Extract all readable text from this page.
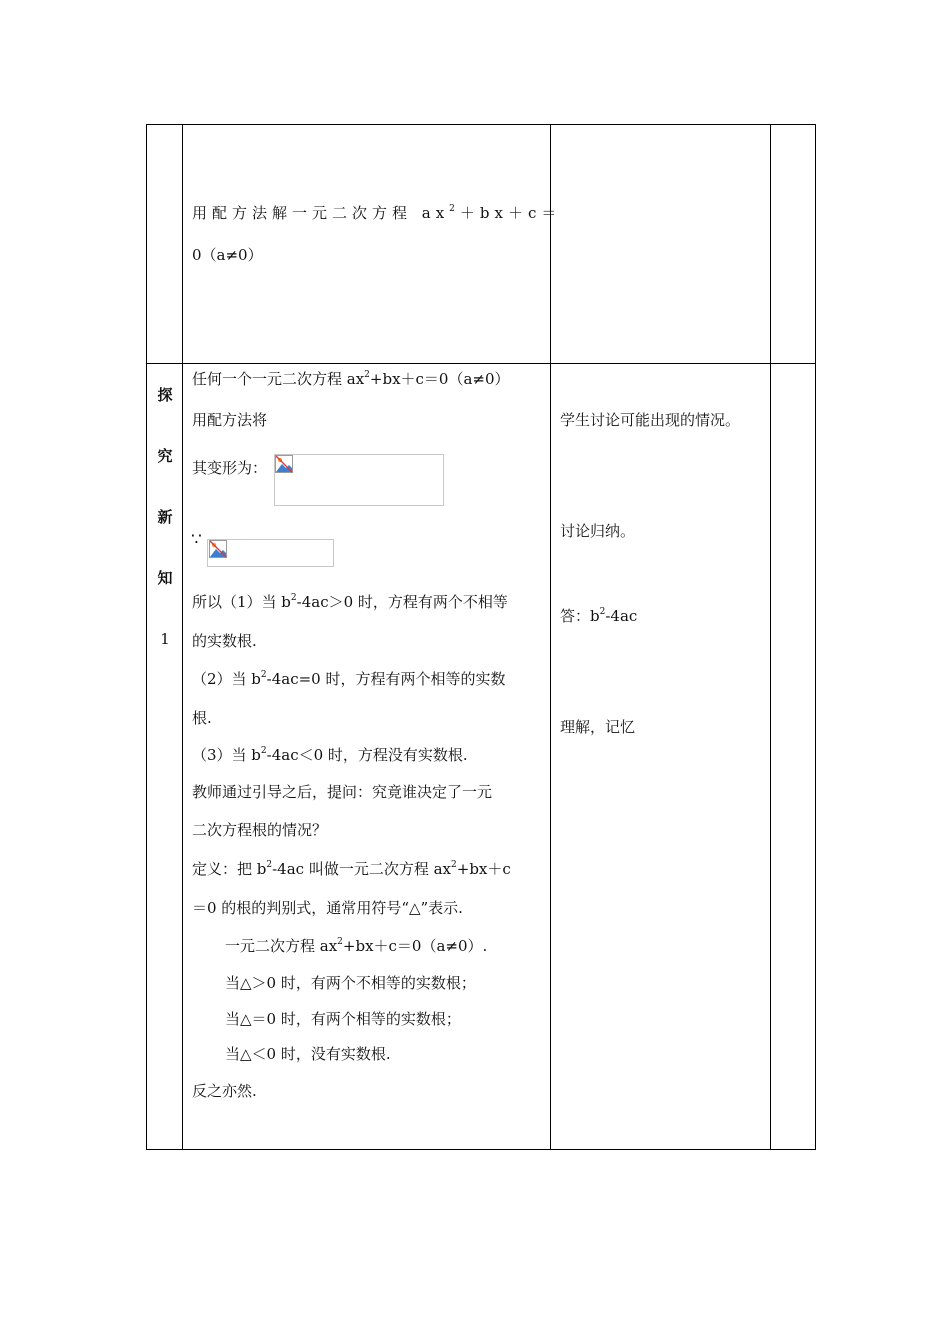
用配方法解一元二次方程 $ax^2+bx+c=$
0（a≠0）
探
究
新
知
1
任何一个一元二次方程 $ax^2+bx+c=0(a\ne 0)$
用配方法将
其变形为：
∵
所以（1）当 $b^2-4ac>0$ 时，方程有两个不相等
的实数根.
（2）当 $b^2-4ac=0$ 时，方程有两个相等的实数
根.
（3）当 $b^2-4ac<0$ 时，方程没有实数根.
教师通过引导之后，提问：究竟谁决定了一元
二次方程根的情况？
定义：把 $b^2-4ac$ 叫做一元二次方程 $ax^2+bx+c$
＝0 的根的判别式，通常用符号“△”表示.
一元二次方程 $ax^2+bx+c=0(a\ne 0)$.
当△＞0 时，有两个不相等的实数根；
当△＝0 时，有两个相等的实数根；
当△＜0 时，没有实数根.
反之亦然.
学生讨论可能出现的情况。
讨论归纳。
答：$b^2-4ac$
理解，记忆
